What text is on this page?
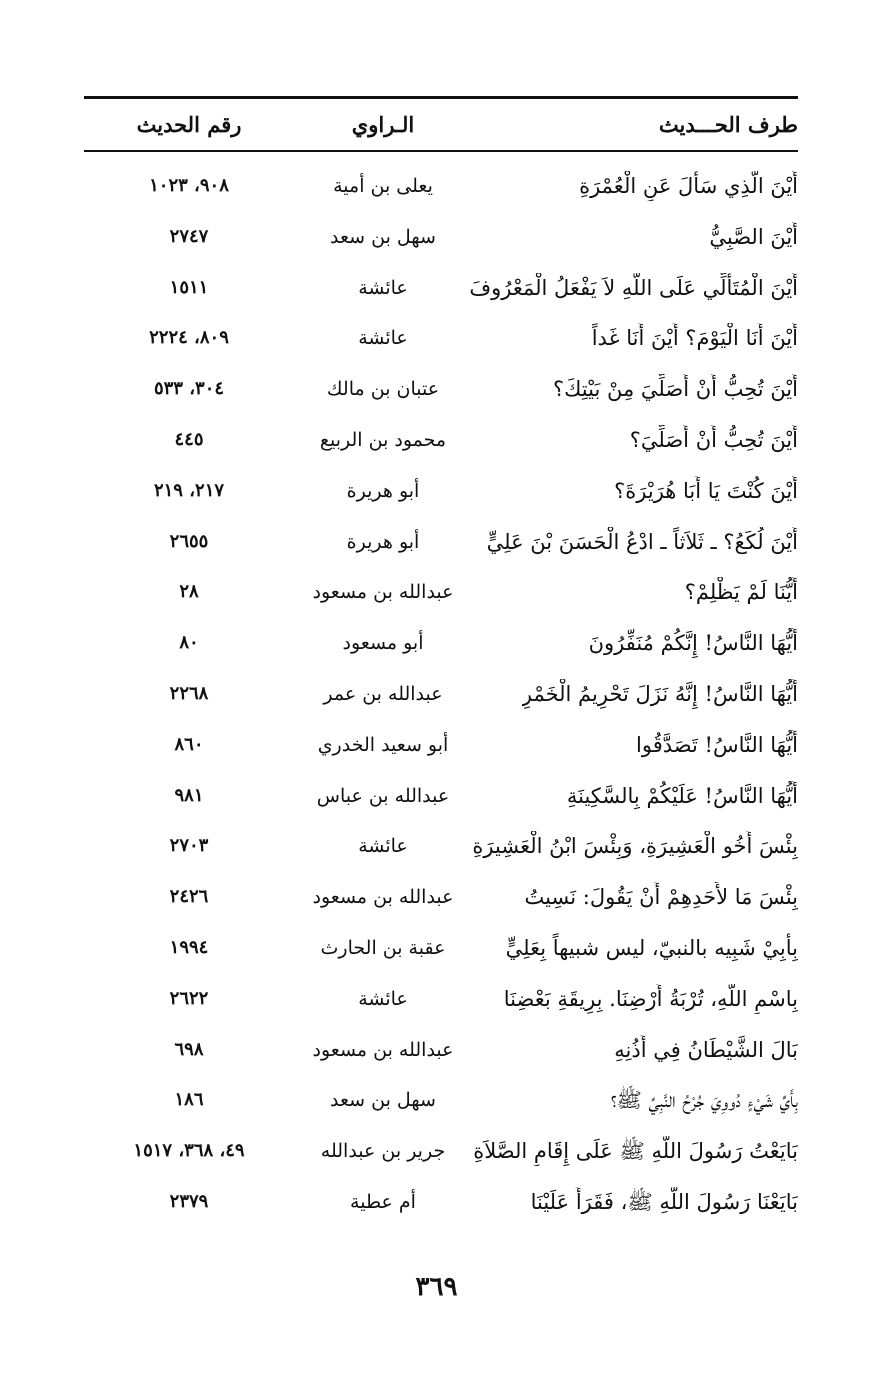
طرف الحـــديث
الـراوي
رقم الحديث
أَيْنَ الَّذِي سَأَلَ عَنِ الْعُمْرَةِ
يعلى بن أمية
٩٠٨، ١٠٢٣
أَيْنَ الصَّبِيُّ
سهل بن سعد
٢٧٤٧
أَيْنَ الْمُتَأَلِّي عَلَى اللَّهِ لاَ يَفْعَلُ الْمَعْرُوفَ
عائشة
١٥١١
أَيْنَ أَنَا الْيَوْمَ؟ أَيْنَ أَنَا غَداً
عائشة
٨٠٩، ٢٢٢٤
أَيْنَ تُحِبُّ أَنْ أُصَلِّيَ مِنْ بَيْتِكَ؟
عتبان بن مالك
٣٠٤، ٥٣٣
أَيْنَ تُحِبُّ أَنْ أُصَلِّيَ؟
محمود بن الربيع
٤٤٥
أَيْنَ كُنْتَ يَا أَبَا هُرَيْرَةَ؟
أبو هريرة
٢١٧، ٢١٩
أَيْنَ لُكَعُ؟ ـ ثَلاَثاً ـ ادْعُ الْحَسَنَ بْنَ عَلِيٍّ
أبو هريرة
٢٦٥٥
أَيُّنَا لَمْ يَظْلِمْ؟
عبدالله بن مسعود
٢٨
أَيُّهَا النَّاسُ! إِنَّكُمْ مُنَفِّرُونَ
أبو مسعود
٨٠
أَيُّهَا النَّاسُ! إِنَّهُ نَزَلَ تَحْرِيمُ الْخَمْرِ
عبدالله بن عمر
٢٢٦٨
أَيُّهَا النَّاسُ! تَصَدَّقُوا
أبو سعيد الخدري
٨٦٠
أَيُّهَا النَّاسُ! عَلَيْكُمْ بِالسَّكِينَةِ
عبدالله بن عباس
٩٨١
بِئْسَ أَخُو الْعَشِيرَةِ، وَبِئْسَ ابْنُ الْعَشِيرَةِ
عائشة
٢٧٠٣
بِئْسَ مَا لأَحَدِهِمْ أَنْ يَقُولَ: نَسِيتُ
عبدالله بن مسعود
٢٤٢٦
بِأَبِيْ شَبِيه بالنبيّ، ليس شبيهاً بِعَلِيٍّ
عقبة بن الحارث
١٩٩٤
بِاسْمِ اللَّهِ، تُرْبَةُ أَرْضِنَا. بِرِيقَةِ بَعْضِنَا
عائشة
٢٦٢٢
بَالَ الشَّيْطَانُ فِي أُذُنِهِ
عبدالله بن مسعود
٦٩٨
بِأَيِّ شَيْءٍ دُووِيَ جُرْحُ النَّبِيِّ ﷺ؟
سهل بن سعد
١٨٦
بَايَعْتُ رَسُولَ اللَّهِ ﷺ عَلَى إِقَامِ الصَّلاَةِ
جرير بن عبدالله
٤٩، ٣٦٨، ١٥١٧
بَايَعْنَا رَسُولَ اللَّهِ ﷺ، فَقَرَأَ عَلَيْنَا
أم عطية
٢٣٧٩
٣٦٩
